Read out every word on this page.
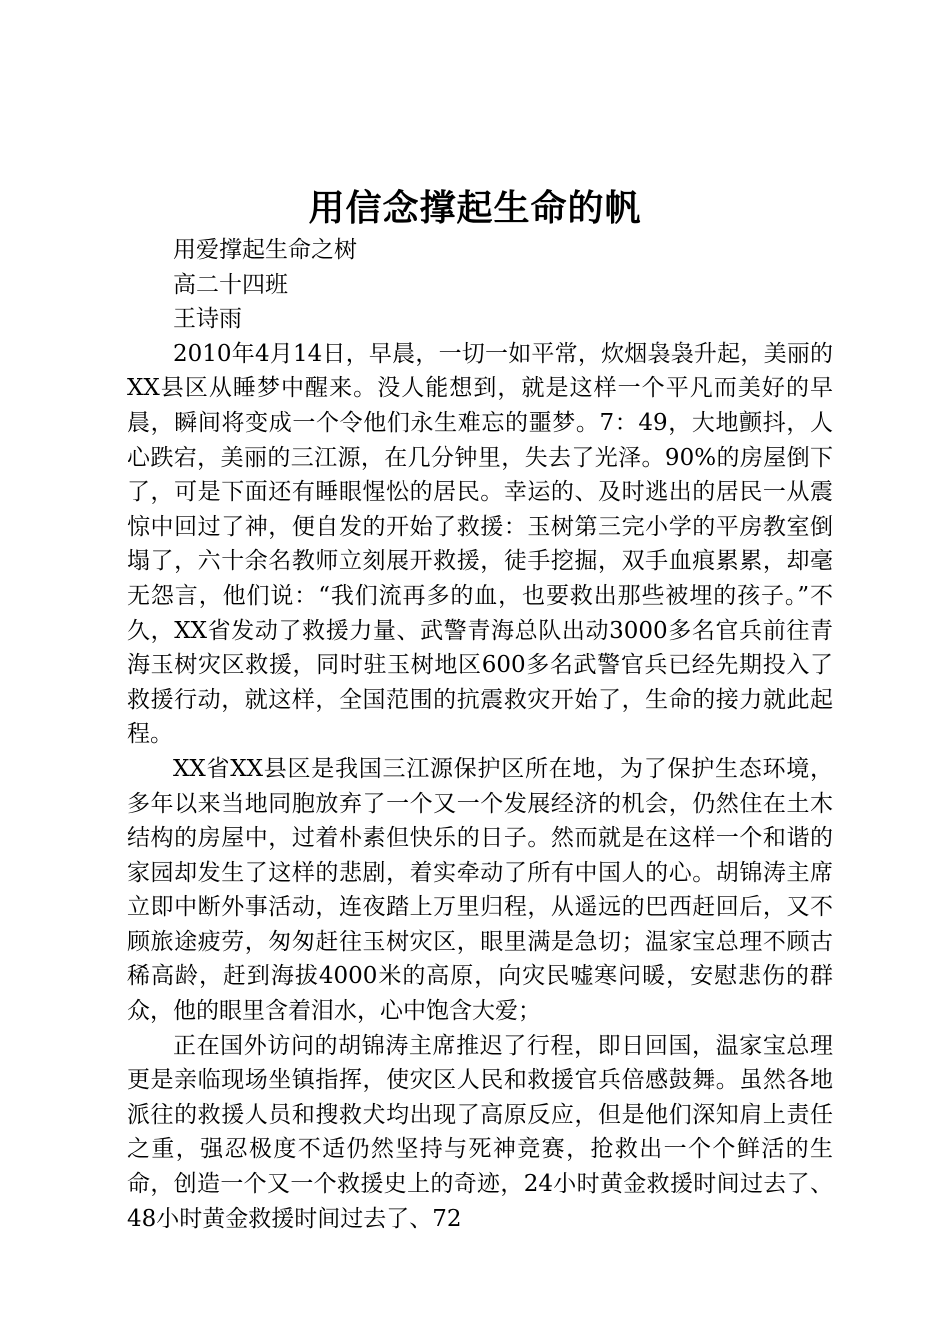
用信念撑起生命的帆

用爱撑起生命之树

高二十四班

王诗雨

2010年4月14日，早晨，一切一如平常，炊烟袅袅升起，美丽的XX县区从睡梦中醒来。没人能想到，就是这样一个平凡而美好的早晨，瞬间将变成一个令他们永生难忘的噩梦。7：49，大地颤抖，人心跌宕，美丽的三江源，在几分钟里，失去了光泽。90%的房屋倒下了，可是下面还有睡眼惺忪的居民。幸运的、及时逃出的居民一从震惊中回过了神，便自发的开始了救援：玉树第三完小学的平房教室倒塌了，六十余名教师立刻展开救援，徒手挖掘，双手血痕累累，却毫无怨言，他们说：“我们流再多的血，也要救出那些被埋的孩子。”不久，XX省发动了救援力量、武警青海总队出动3000多名官兵前往青海玉树灾区救援，同时驻玉树地区600多名武警官兵已经先期投入了救援行动，就这样，全国范围的抗震救灾开始了，生命的接力就此起程。

XX省XX县区是我国三江源保护区所在地，为了保护生态环境，多年以来当地同胞放弃了一个又一个发展经济的机会，仍然住在土木结构的房屋中，过着朴素但快乐的日子。然而就是在这样一个和谐的家园却发生了这样的悲剧，着实牵动了所有中国人的心。胡锦涛主席立即中断外事活动，连夜踏上万里归程，从遥远的巴西赶回后，又不顾旅途疲劳，匆匆赶往玉树灾区，眼里满是急切；温家宝总理不顾古稀高龄，赶到海拔4000米的高原，向灾民嘘寒问暖，安慰悲伤的群众，他的眼里含着泪水，心中饱含大爱；

正在国外访问的胡锦涛主席推迟了行程，即日回国，温家宝总理更是亲临现场坐镇指挥，使灾区人民和救援官兵倍感鼓舞。虽然各地派往的救援人员和搜救犬均出现了高原反应，但是他们深知肩上责任之重，强忍极度不适仍然坚持与死神竞赛，抢救出一个个鲜活的生命，创造一个又一个救援史上的奇迹，24小时黄金救援时间过去了、48小时黄金救援时间过去了、72
